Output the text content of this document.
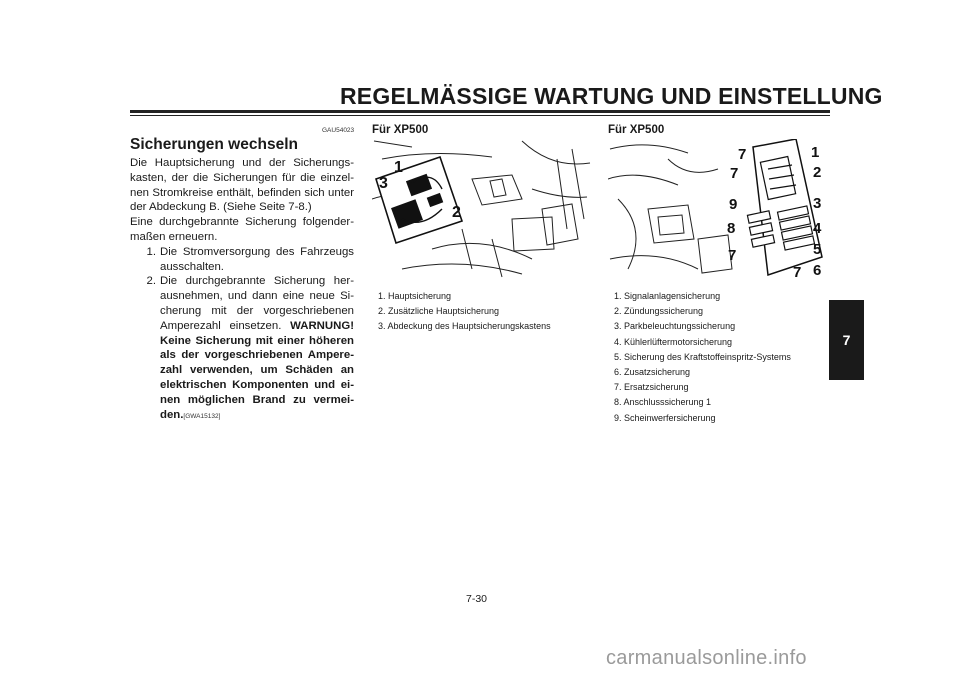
REGELMÄSSIGE WARTUNG UND EINSTELLUNG
GAU54023
Sicherungen wechseln

Die Hauptsicherung und der Sicherungs- kasten, der die Sicherungen für die einzel- nen Stromkreise enthält, befinden sich unter der Abdeckung B. (Siehe Seite 7-8.)

Eine durchgebrannte Sicherung folgender- maßen erneuern.

1. Die Stromversorgung des Fahrzeugs ausschalten.
2. Die durchgebrannte Sicherung her- ausnehmen, und dann eine neue Si- cherung mit der vorgeschriebenen Amperezahl einsetzen. WARNUNG! Keine Sicherung mit einer höheren als der vorgeschriebenen Ampere- zahl verwenden, um Schäden an elektrischen Komponenten und ei- nen möglichen Brand zu vermei- den.[GWA15132]
Für XP500
1
2
3
1. Hauptsicherung
2. Zusätzliche Hauptsicherung
3. Abdeckung des Hauptsicherungskastens
Für XP500
1
2
3
4
5
6
7
7
7
7
8
9
1. Signalanlagensicherung
2. Zündungssicherung
3. Parkbeleuchtungssicherung
4. Kühlerlüftermotorsicherung
5. Sicherung des Kraftstoffeinspritz-Systems
6. Zusatzsicherung
7. Ersatzsicherung
8. Anschlusssicherung 1
9. Scheinwerfersicherung
7
7-30
carmanualsonline.info
